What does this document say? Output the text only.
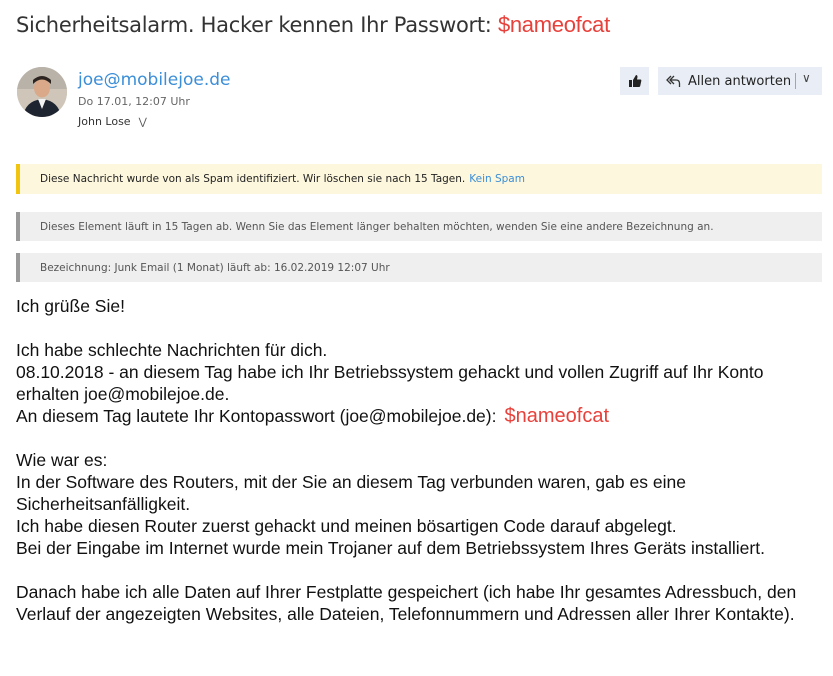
Sicherheitsalarm. Hacker kennen Ihr Passwort: $nameofcat
joe@mobilejoe.de
Do 17.01, 12:07 Uhr
John Lose ⋁
Allen antworten ∨
Diese Nachricht wurde von als Spam identifiziert. Wir löschen sie nach 15 Tagen. Kein Spam
Dieses Element läuft in 15 Tagen ab. Wenn Sie das Element länger behalten möchten, wenden Sie eine andere Bezeichnung an.
Bezeichnung: Junk Email (1 Monat) läuft ab: 16.02.2019 12:07 Uhr

Ich grüße Sie!

Ich habe schlechte Nachrichten für dich.

08.10.2018 - an diesem Tag habe ich Ihr Betriebssystem gehackt und vollen Zugriff auf Ihr Konto erhalten joe@mobilejoe.de.

An diesem Tag lautete Ihr Kontopasswort (joe@mobilejoe.de): $nameofcat

Wie war es:

In der Software des Routers, mit der Sie an diesem Tag verbunden waren, gab es eine Sicherheitsanfälligkeit.

Ich habe diesen Router zuerst gehackt und meinen bösartigen Code darauf abgelegt.

Bei der Eingabe im Internet wurde mein Trojaner auf dem Betriebssystem Ihres Geräts installiert.

Danach habe ich alle Daten auf Ihrer Festplatte gespeichert (ich habe Ihr gesamtes Adressbuch, den Verlauf der angezeigten Websites, alle Dateien, Telefonnummern und Adressen aller Ihrer Kontakte).
